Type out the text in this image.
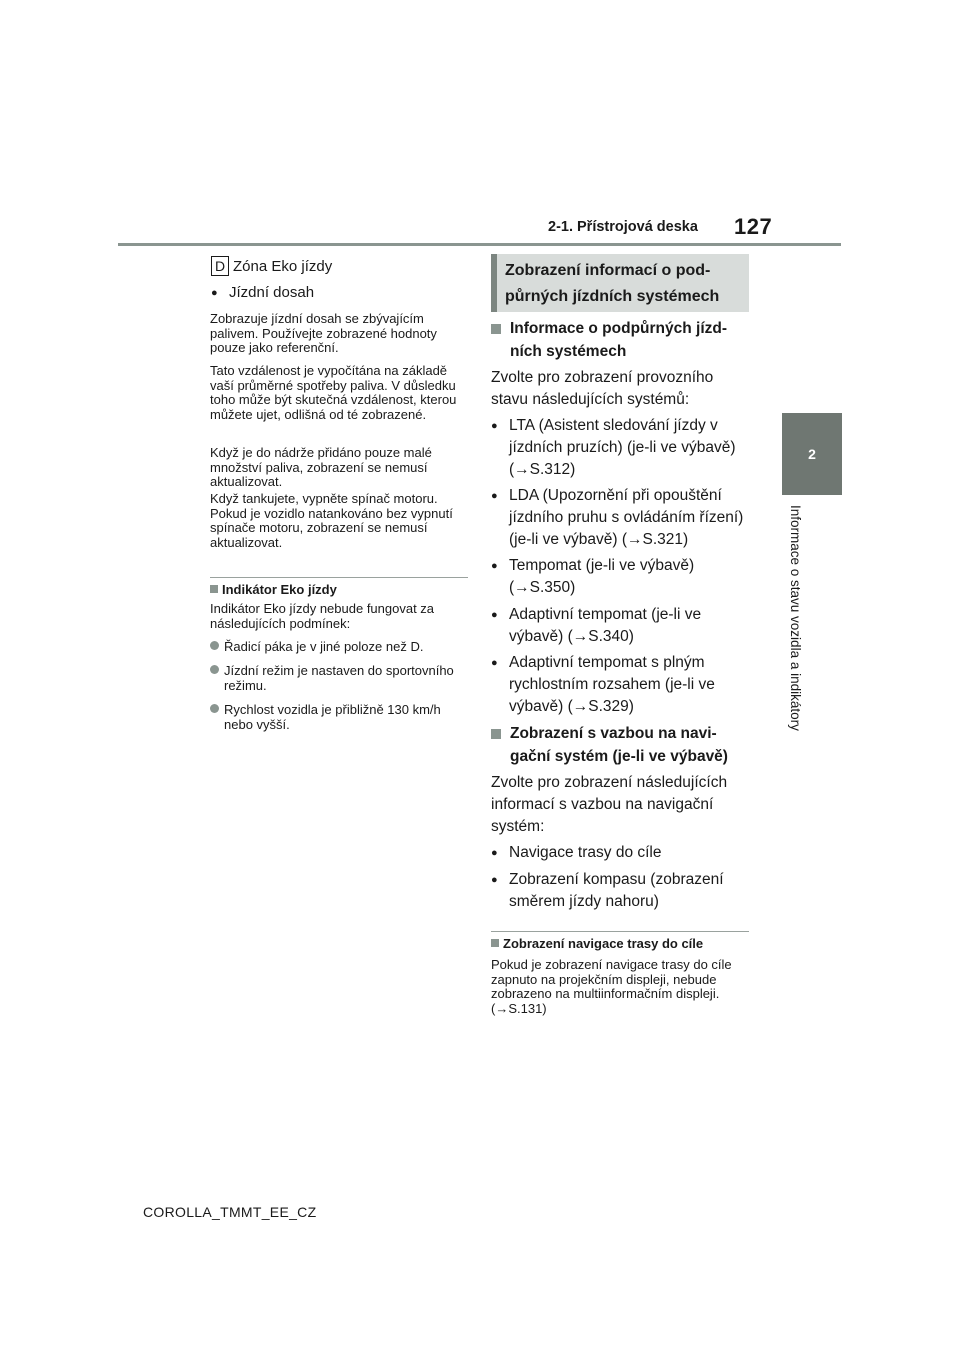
2-1. Přístrojová deska 127
2
Informace o stavu vozidla a indikátory
D Zóna Eko jízdy
● Jízdní dosah
Zobrazuje jízdní dosah se zbývajícím palivem. Používejte zobrazené hodnoty pouze jako referenční.
Tato vzdálenost je vypočítána na základě vaší průměrné spotřeby paliva. V důsledku toho může být skutečná vzdálenost, kterou můžete ujet, odlišná od té zobrazené.
Když je do nádrže přidáno pouze malé množství paliva, zobrazení se nemusí aktualizovat.
Když tankujete, vypněte spínač motoru. Pokud je vozidlo natankováno bez vypnutí spínače motoru, zobrazení se nemusí aktualizovat.
Indikátor Eko jízdy
Indikátor Eko jízdy nebude fungovat za následujících podmínek:
Řadicí páka je v jiné poloze než D.
Jízdní režim je nastaven do sportovního režimu.
Rychlost vozidla je přibližně 130 km/h nebo vyšší.
Zobrazení informací o pod-
půrných jízdních systémech
Informace o podpůrných jízd-
ních systémech
Zvolte pro zobrazení provozního stavu následujících systémů:
● LTA (Asistent sledování jízdy v jízdních pruzích) (je-li ve výbavě) (→S.312)
● LDA (Upozornění při opouštění jízdního pruhu s ovládáním řízení) (je-li ve výbavě) (→S.321)
● Tempomat (je-li ve výbavě) (→S.350)
● Adaptivní tempomat (je-li ve výbavě) (→S.340)
● Adaptivní tempomat s plným rychlostním rozsahem (je-li ve výbavě) (→S.329)
Zobrazení s vazbou na navi-
gační systém (je-li ve výbavě)
Zvolte pro zobrazení následujících informací s vazbou na navigační systém:
● Navigace trasy do cíle
● Zobrazení kompasu (zobrazení směrem jízdy nahoru)
Zobrazení navigace trasy do cíle
Pokud je zobrazení navigace trasy do cíle zapnuto na projekčním displeji, nebude zobrazeno na multiinformačním displeji. (→S.131)
COROLLA_TMMT_EE_CZ
